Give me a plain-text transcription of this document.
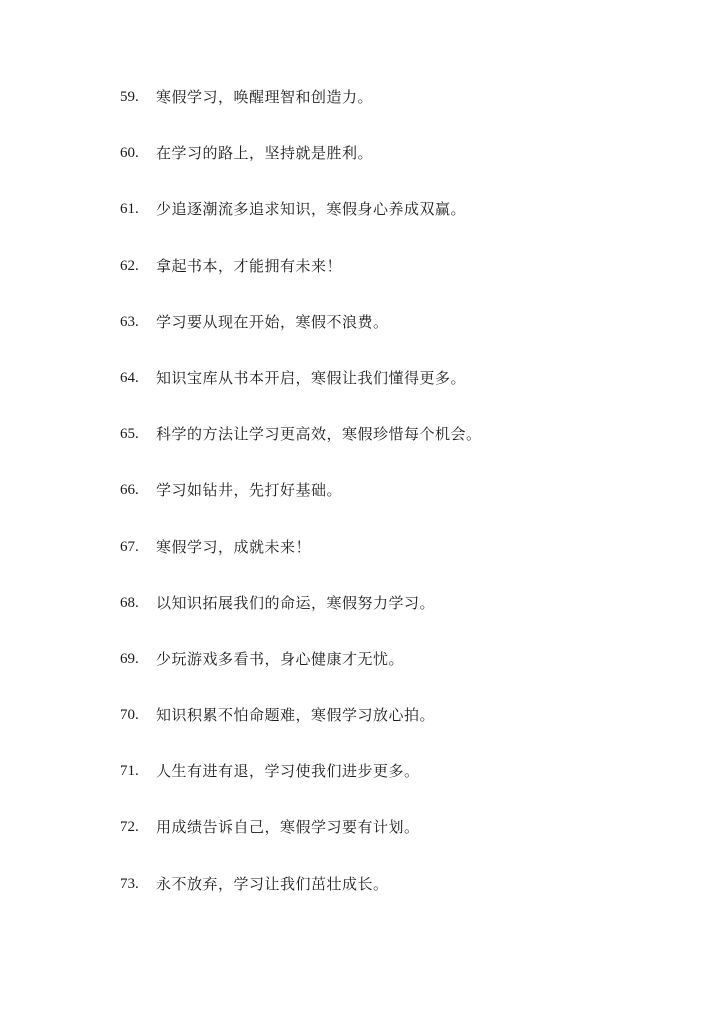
59.	寒假学习，唤醒理智和创造力。
60.	在学习的路上，坚持就是胜利。
61.	少追逐潮流多追求知识，寒假身心养成双赢。
62.	拿起书本，才能拥有未来！
63.	学习要从现在开始，寒假不浪费。
64.	知识宝库从书本开启，寒假让我们懂得更多。
65.	科学的方法让学习更高效，寒假珍惜每个机会。
66.	学习如钻井，先打好基础。
67.	寒假学习，成就未来！
68.	以知识拓展我们的命运，寒假努力学习。
69.	少玩游戏多看书，身心健康才无忧。
70.	知识积累不怕命题难，寒假学习放心拍。
71.	人生有进有退，学习使我们进步更多。
72.	用成绩告诉自己，寒假学习要有计划。
73.	永不放弃，学习让我们茁壮成长。
